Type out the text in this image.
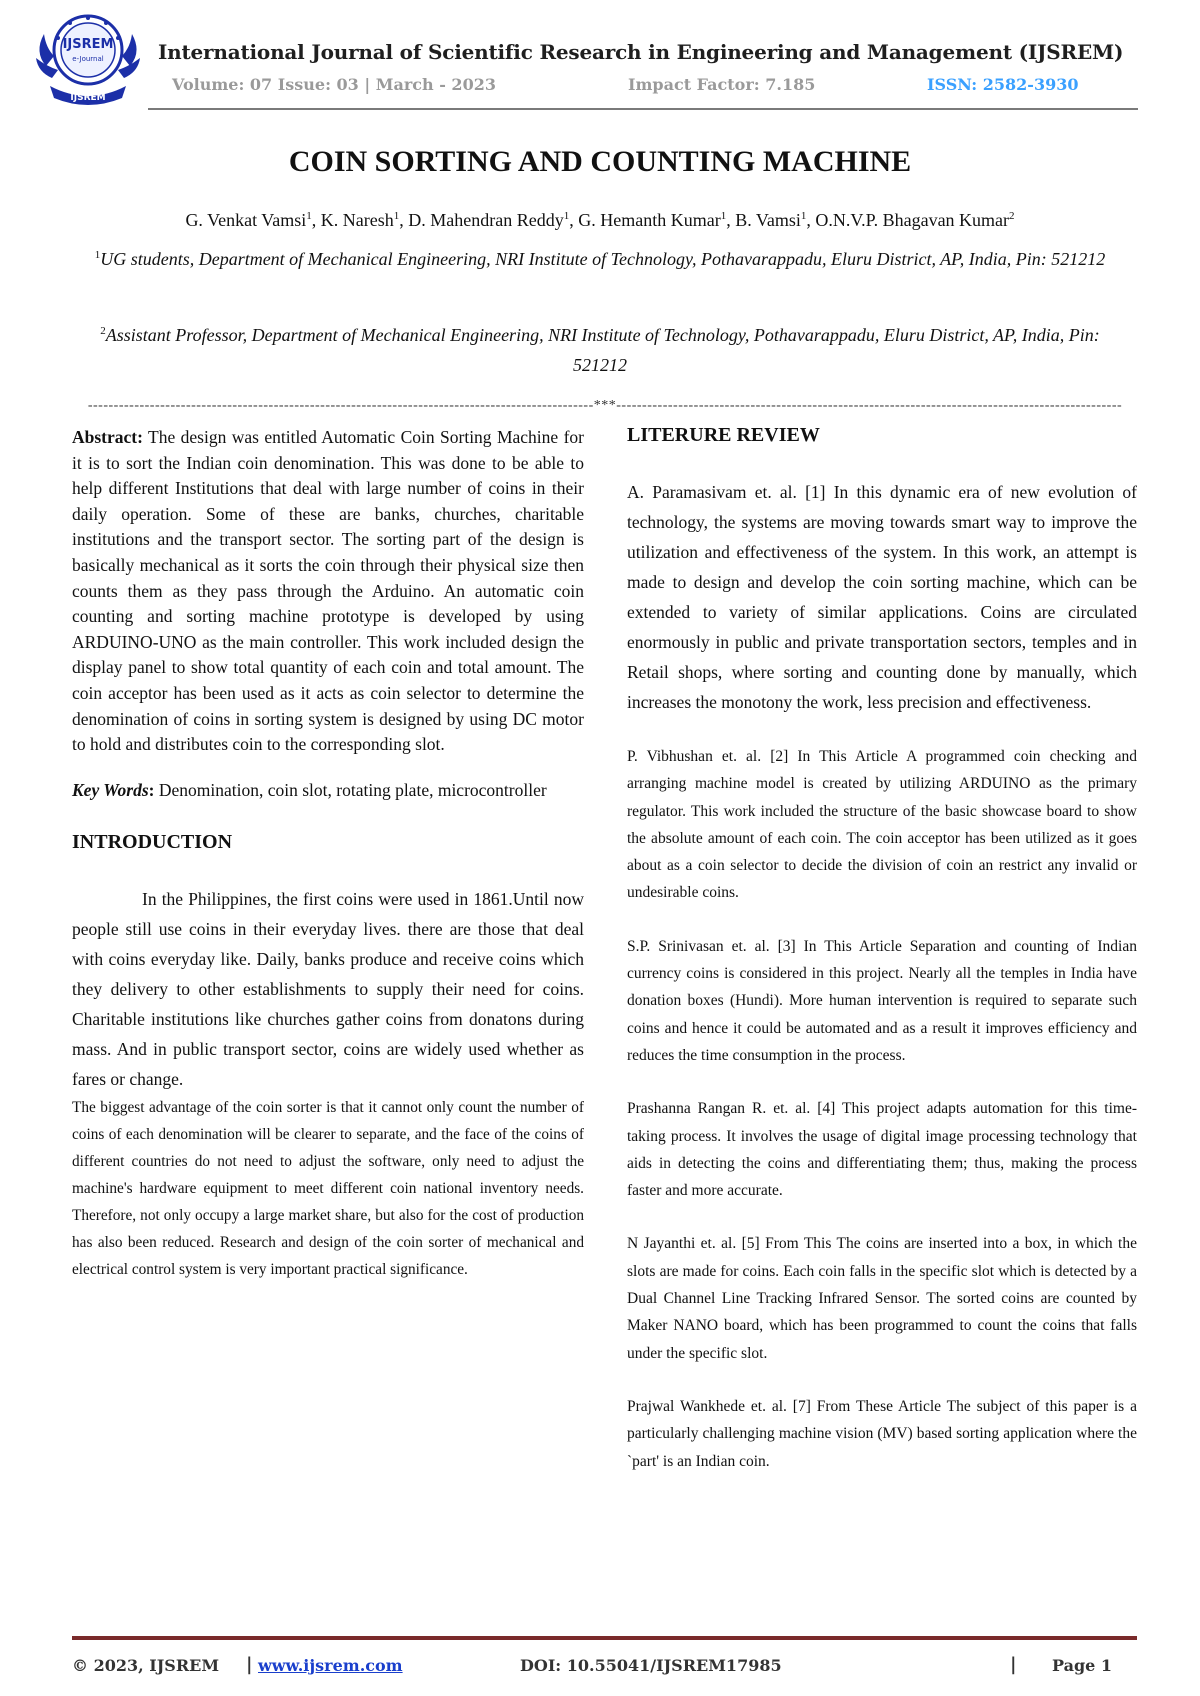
IJSREM
e-Journal
IJSREM
International Journal of Scientific Research in Engineering and Management (IJSREM)
Volume: 07 Issue: 03 | March - 2023	Impact Factor: 7.185	ISSN: 2582-3930
COIN SORTING AND COUNTING MACHINE
G. Venkat Vamsi$^1$, K. Naresh$^1$, D. Mahendran Reddy$^1$, G. Hemanth Kumar$^1$, B. Vamsi$^1$, O.N.V.P. Bhagavan Kumar$^2$
$^1$UG students, Department of Mechanical Engineering, NRI Institute of Technology, Pothavarappadu, Eluru District, AP, India, Pin: 521212
$^2$Assistant Professor, Department of Mechanical Engineering, NRI Institute of Technology, Pothavarappadu, Eluru District, AP, India, Pin: 521212
--------------------------------------------------------------------------------------------------***--------------------------------------------------------------------------------------------------

Abstract: The design was entitled Automatic Coin Sorting Machine for it is to sort the Indian coin denomination. This was done to be able to help different Institutions that deal with large number of coins in their daily operation. Some of these are banks, churches, charitable institutions and the transport sector. The sorting part of the design is basically mechanical as it sorts the coin through their physical size then counts them as they pass through the Arduino. An automatic coin counting and sorting machine prototype is developed by using ARDUINO-UNO as the main controller. This work included design the display panel to show total quantity of each coin and total amount. The coin acceptor has been used as it acts as coin selector to determine the denomination of coins in sorting system is designed by using DC motor to hold and distributes coin to the corresponding slot.

Key Words: Denomination, coin slot, rotating plate, microcontroller

INTRODUCTION

In the Philippines, the first coins were used in 1861.Until now people still use coins in their everyday lives. there are those that deal with coins everyday like. Daily, banks produce and receive coins which they delivery to other establishments to supply their need for coins. Charitable institutions like churches gather coins from donatons during mass. And in public transport sector, coins are widely used whether as fares or change.

The biggest advantage of the coin sorter is that it cannot only count the number of coins of each denomination will be clearer to separate, and the face of the coins of different countries do not need to adjust the software, only need to adjust the machine's hardware equipment to meet different coin national inventory needs. Therefore, not only occupy a large market share, but also for the cost of production has also been reduced. Research and design of the coin sorter of mechanical and electrical control system is very important practical significance.

LITERURE REVIEW

A. Paramasivam et. al. [1] In this dynamic era of new evolution of technology, the systems are moving towards smart way to improve the utilization and effectiveness of the system. In this work, an attempt is made to design and develop the coin sorting machine, which can be extended to variety of similar applications. Coins are circulated enormously in public and private transportation sectors, temples and in Retail shops, where sorting and counting done by manually, which increases the monotony the work, less precision and effectiveness.

P. Vibhushan et. al. [2] In This Article A programmed coin checking and arranging machine model is created by utilizing ARDUINO as the primary regulator. This work included the structure of the basic showcase board to show the absolute amount of each coin. The coin acceptor has been utilized as it goes about as a coin selector to decide the division of coin an restrict any invalid or undesirable coins.

S.P. Srinivasan et. al. [3] In This Article Separation and counting of Indian currency coins is considered in this project. Nearly all the temples in India have donation boxes (Hundi). More human intervention is required to separate such coins and hence it could be automated and as a result it improves efficiency and reduces the time consumption in the process.

Prashanna Rangan R. et. al. [4] This project adapts automation for this time-taking process. It involves the usage of digital image processing technology that aids in detecting the coins and differentiating them; thus, making the process faster and more accurate.

N Jayanthi et. al. [5] From This The coins are inserted into a box, in which the slots are made for coins. Each coin falls in the specific slot which is detected by a Dual Channel Line Tracking Infrared Sensor. The sorted coins are counted by Maker NANO board, which has been programmed to count the coins that falls under the specific slot.

Prajwal Wankhede et. al. [7] From These Article The subject of this paper is a particularly challenging machine vision (MV) based sorting application where the `part' is an Indian coin.

© 2023, IJSREM | www.ijsrem.com	DOI: 10.55041/IJSREM17985	| Page 1
